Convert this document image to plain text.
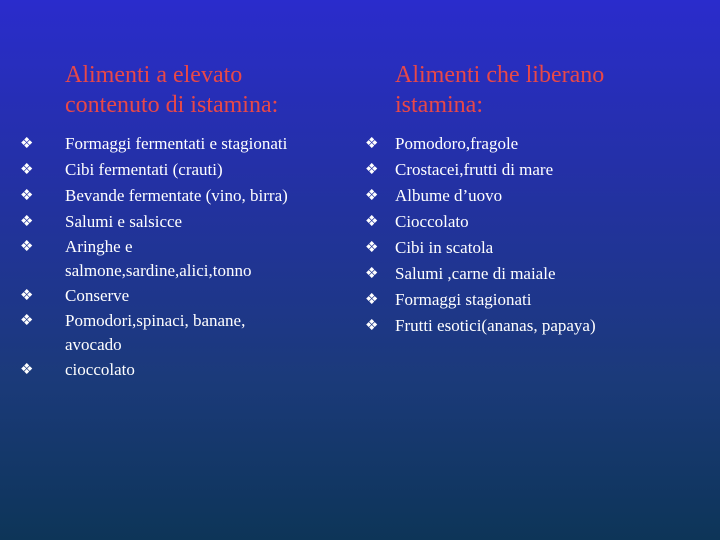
Alimenti a elevato
contenuto di istamina:

❖ Formaggi fermentati e stagionati
❖ Cibi fermentati (crauti)
❖ Bevande fermentate (vino, birra)
❖ Salumi e salsicce
❖ Aringhe e salmone,sardine,alici,tonno
❖ Conserve
❖ Pomodori,spinaci, banane, avocado
❖ cioccolato

Alimenti che liberano
istamina:

❖ Pomodoro,fragole
❖ Crostacei,frutti di mare
❖ Albume d’uovo
❖ Cioccolato
❖ Cibi in scatola
❖ Salumi ,carne di maiale
❖ Formaggi stagionati
❖ Frutti esotici(ananas, papaya)
